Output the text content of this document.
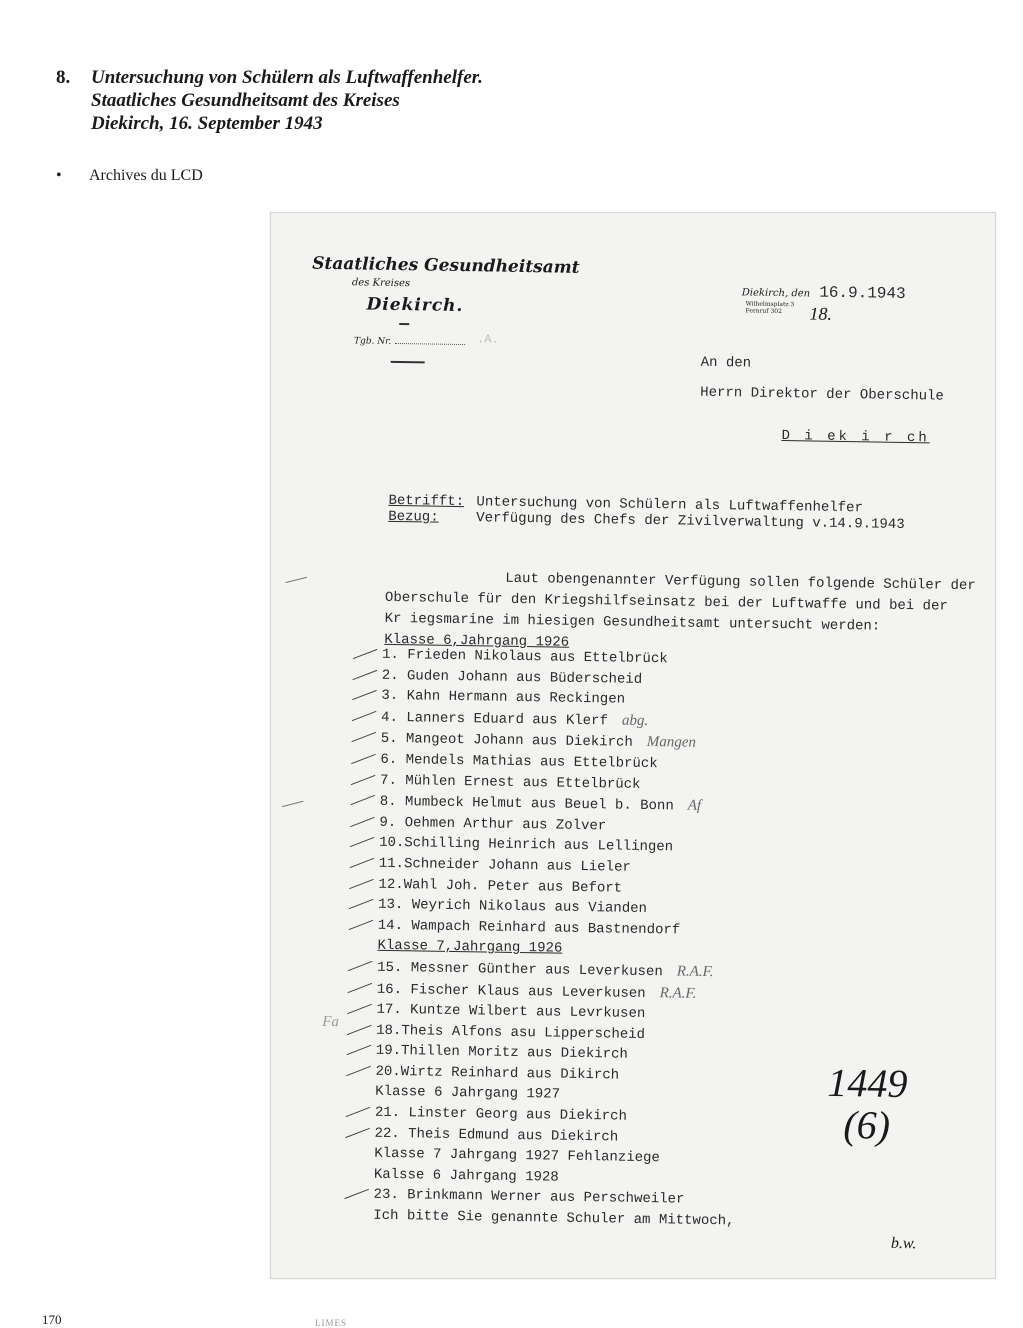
8. Untersuchung von Schülern als Luftwaffenhelfer.
Staatliches Gesundheitsamt des Kreises
Diekirch, 16. September 1943
• Archives du LCD
Staatliches Gesundheitsamt
des Kreises
Diekirch.
Tgb. Nr.	.A.
Diekirch, den 16.9.1943
Wilhelmsplatz 3
Fernruf 302	18.
An den
Herrn Direktor der Oberschule
D i ek i r ch
Betrifft: Untersuchung von Schülern als Luftwaffenhelfer
Bezug:	Verfügung des Chefs der Zivilverwaltung v.14.9.1943
Laut obengenannter Verfügung sollen folgende Schüler der
Oberschule für den Kriegshilfseinsatz bei der Luftwaffe und bei der
Kr iegsmarine im hiesigen Gesundheitsamt untersucht werden:
Klasse 6,Jahrgang 1926
1. Frieden Nikolaus aus Ettelbrück
2. Guden Johann aus Büderscheid
3. Kahn Hermann aus Reckingen
4. Lanners Eduard aus Klerf abg.
5. Mangeot Johann aus Diekirch Mangen
6. Mendels Mathias aus Ettelbrück
7. Mühlen Ernest aus Ettelbrück
8. Mumbeck Helmut aus Beuel b. Bonn Af
9. Oehmen Arthur aus Zolver
10.Schilling Heinrich aus Lellingen
11.Schneider Johann aus Lieler
12.Wahl Joh. Peter aus Befort
13. Weyrich Nikolaus aus Vianden
14. Wampach Reinhard aus Bastnendorf
Klasse 7,Jahrgang 1926
15. Messner Günther aus Leverkusen R.A.F.
16. Fischer Klaus aus Leverkusen R.A.F.
17. Kuntze Wilbert aus Levrkusen
18.Theis Alfons asu Lipperscheid
19.Thillen Moritz aus Diekirch
20.Wirtz Reinhard aus Dikirch
Klasse 6 Jahrgang 1927
21. Linster Georg aus Diekirch
22. Theis Edmund aus Diekirch
Klasse 7 Jahrgang 1927 Fehlanziege
Kalsse 6 Jahrgang 1928
23. Brinkmann Werner aus Perschweiler
Ich bitte Sie genannte Schuler am Mittwoch,
Fa
1449
(6)
b.w.
170	LIMES
